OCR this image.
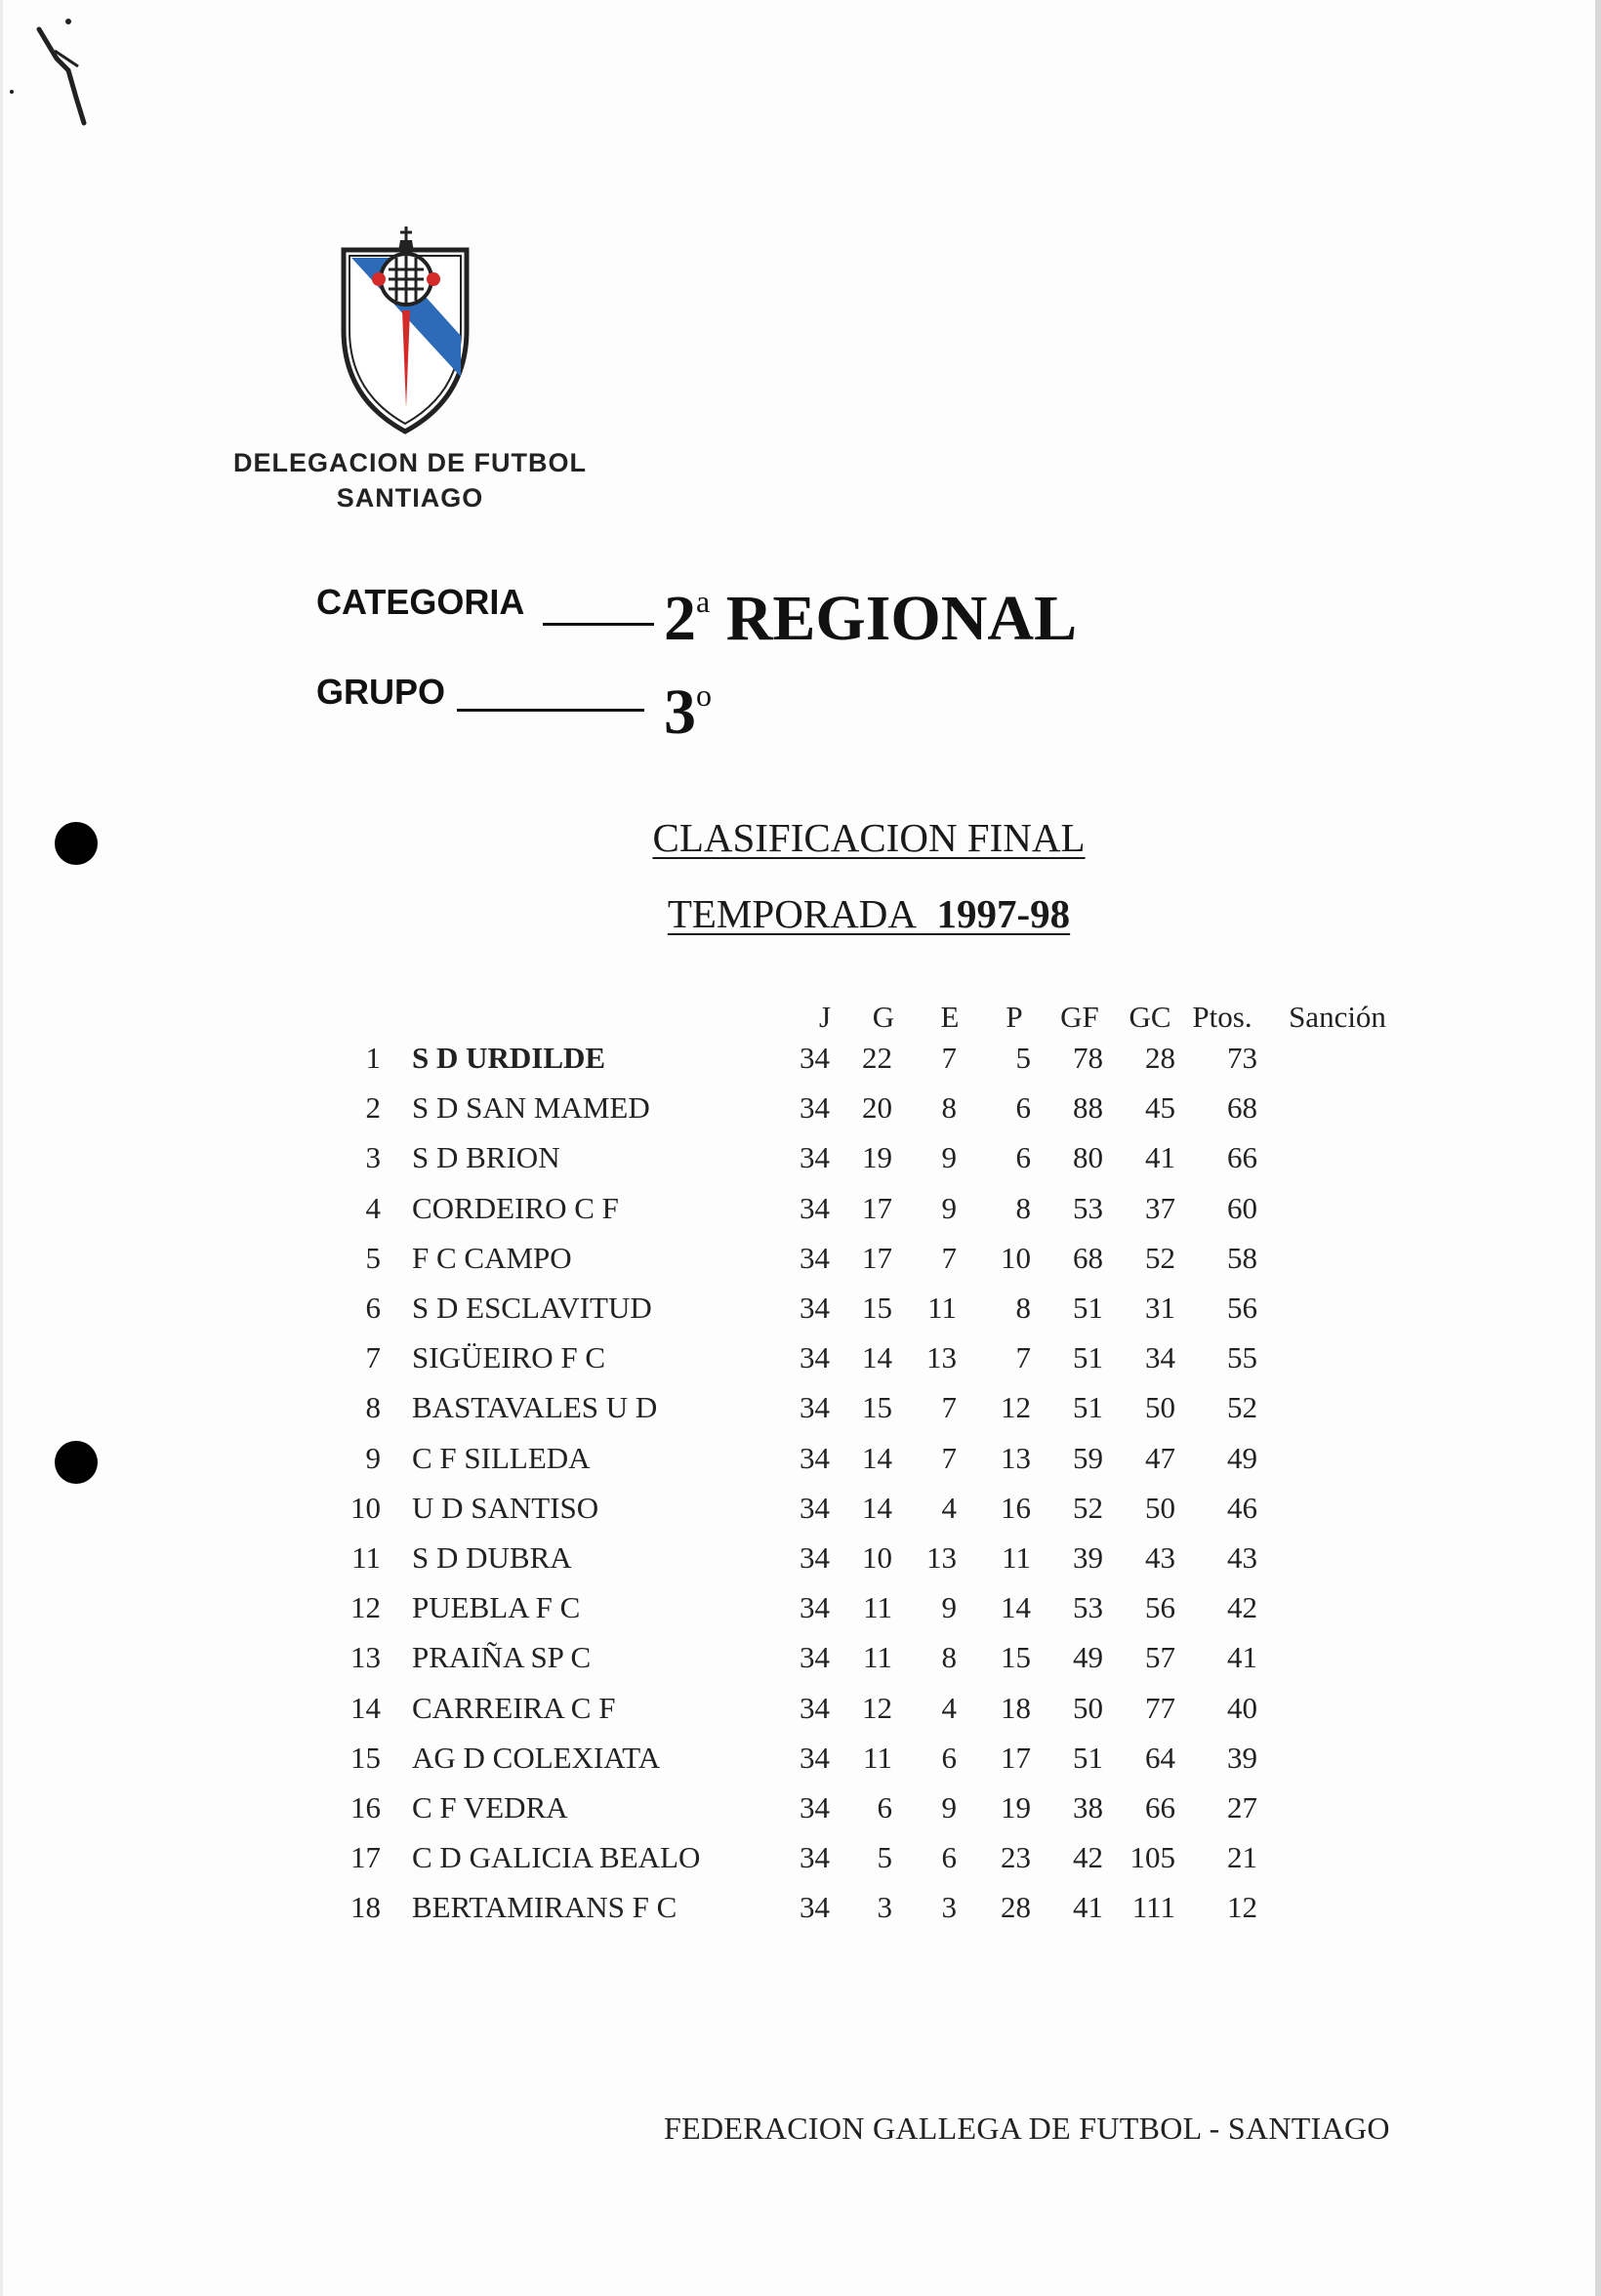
DELEGACION DE FUTBOL
SANTIAGO
CATEGORIA 2$^a$ REGIONAL
GRUPO	3$^o$
CLASIFICACION FINAL
TEMPORADA 1997-98
J	G	E	P	GF GC Ptos.	Sanción
1 S D URDILDE	34	22	7	5	78	28	73
2 S D SAN MAMED	34	20	8	6	88	45	68
3 S D BRION	34	19	9	6	80	41	66
4 CORDEIRO C F	34	17	9	8	53	37	60
5 F C CAMPO	34	17	7	10	68	52	58
6 S D ESCLAVITUD	34	15	11	8	51	31	56
7 SIGÜEIRO F C	34	14	13	7	51	34	55
8 BASTAVALES U D	34	15	7	12	51	50	52
9 C F SILLEDA	34	14	7	13	59	47	49
10 U D SANTISO	34	14	4	16	52	50	46
11 S D DUBRA	34	10	13	11	39	43	43
12 PUEBLA F C	34	11	9	14	53	56	42
13 PRAIÑA SP C	34	11	8	15	49	57	41
14 CARREIRA C F	34	12	4	18	50	77	40
15 AG D COLEXIATA	34	11	6	17	51	64	39
16 C F VEDRA	34	6	9	19	38	66	27
17 C D GALICIA BEALO	34	5	6	23	42 105	21
18 BERTAMIRANS F C	34	3	3	28	41 111	12
FEDERACION GALLEGA DE FUTBOL - SANTIAGO
